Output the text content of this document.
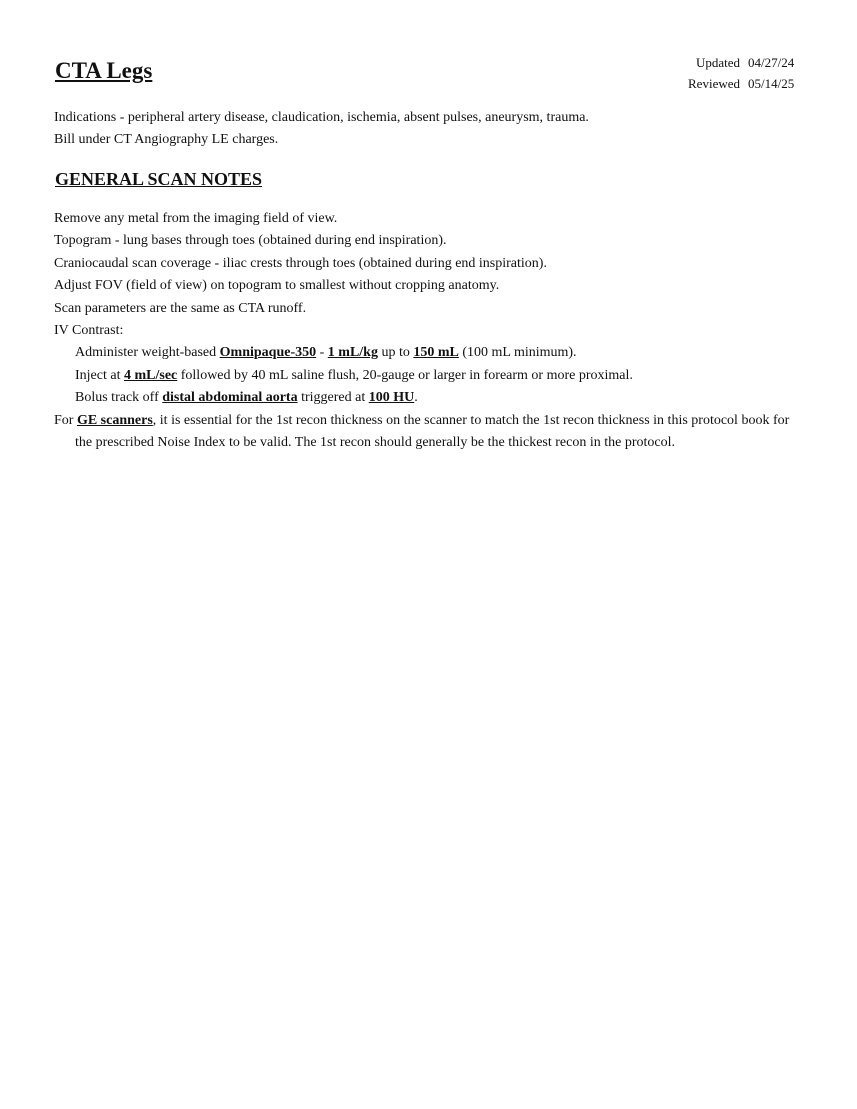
CTA Legs	Updated 04/27/24
Reviewed 05/14/25
Indications - peripheral artery disease, claudication, ischemia, absent pulses, aneurysm, trauma.
Bill under CT Angiography LE charges.
GENERAL SCAN NOTES
Remove any metal from the imaging field of view.
Topogram - lung bases through toes (obtained during end inspiration).
Craniocaudal scan coverage - iliac crests through toes (obtained during end inspiration).
Adjust FOV (field of view) on topogram to smallest without cropping anatomy.
Scan parameters are the same as CTA runoff.
IV Contrast:
Administer weight-based Omnipaque-350 - 1 mL/kg up to 150 mL (100 mL minimum).
Inject at 4 mL/sec followed by 40 mL saline flush, 20-gauge or larger in forearm or more proximal.
Bolus track off distal abdominal aorta triggered at 100 HU.
For GE scanners, it is essential for the 1st recon thickness on the scanner to match the 1st recon thickness in this protocol book for the prescribed Noise Index to be valid. The 1st recon should generally be the thickest recon in the protocol.
